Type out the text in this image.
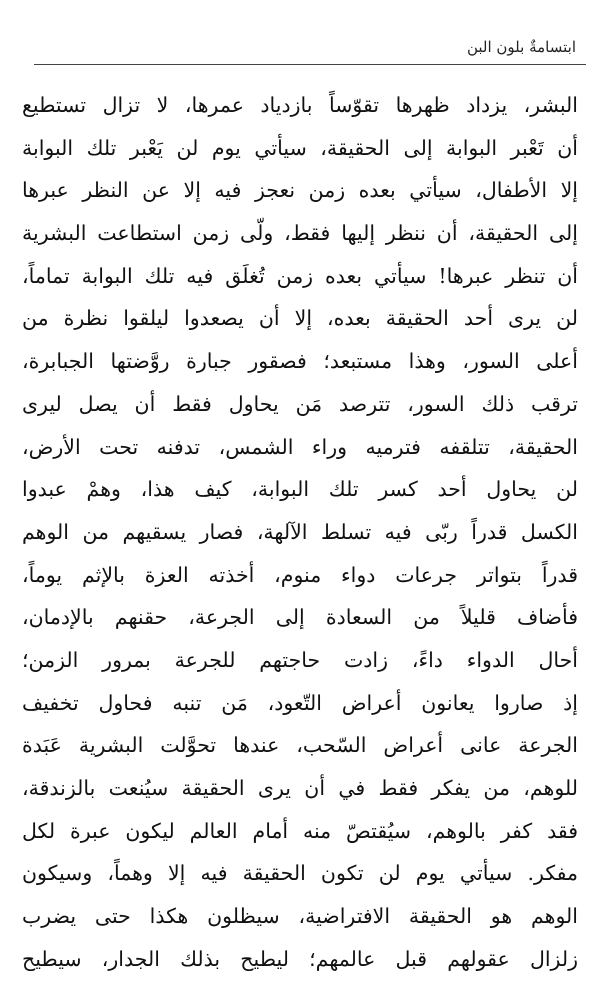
ابتسامةٌ بلون البن
البشر، يزداد ظهرها تقوّساً بازدياد عمرها، لا تزال تستطيع
أن تَعْبر البوابة إلى الحقيقة، سيأتي يوم لن يَعْبر تلك البوابة
إلا الأطفال، سيأتي بعده زمن نعجز فيه إلا عن النظر عبرها
إلى الحقيقة، أن ننظر إليها فقط، ولّى زمن استطاعت البشرية
أن تنظر عبرها! سيأتي بعده زمن تُغلَق فيه تلك البوابة تماماً،
لن يرى أحد الحقيقة بعده، إلا أن يصعدوا ليلقوا نظرة من
أعلى السور، وهذا مستبعد؛ فصقور جبارة روَّضتها الجبابرة،
ترقب ذلك السور، تترصد مَن يحاول فقط أن يصل ليرى
الحقيقة، تتلقفه فترميه وراء الشمس، تدفنه تحت الأرض،
لن يحاول أحد كسر تلك البوابة، كيف هذا، وهمْ عبدوا
الكسل قدراً ربّى فيه تسلط الآلهة، فصار يسقيهم من الوهم
قدراً بتواتر جرعات دواء منوم، أخذته العزة بالإثم يوماً،
فأضاف قليلاً من السعادة إلى الجرعة، حقنهم بالإدمان،
أحال الدواء داءً، زادت حاجتهم للجرعة بمرور الزمن؛
إذ صاروا يعانون أعراض التّعود، مَن تنبه فحاول تخفيف
الجرعة عانى أعراض السّحب، عندها تحوَّلت البشرية عَبَدة
للوهم، من يفكر فقط في أن يرى الحقيقة سيُنعت بالزندقة،
فقد كفر بالوهم، سيُقتصّ منه أمام العالم ليكون عبرة لكل
مفكر. سيأتي يوم لن تكون الحقيقة فيه إلا وهماً، وسيكون
الوهم هو الحقيقة الافتراضية، سيظلون هكذا حتى يضرب
زلزال عقولهم قبل عالمهم؛ ليطيح بذلك الجدار، سيطيح
